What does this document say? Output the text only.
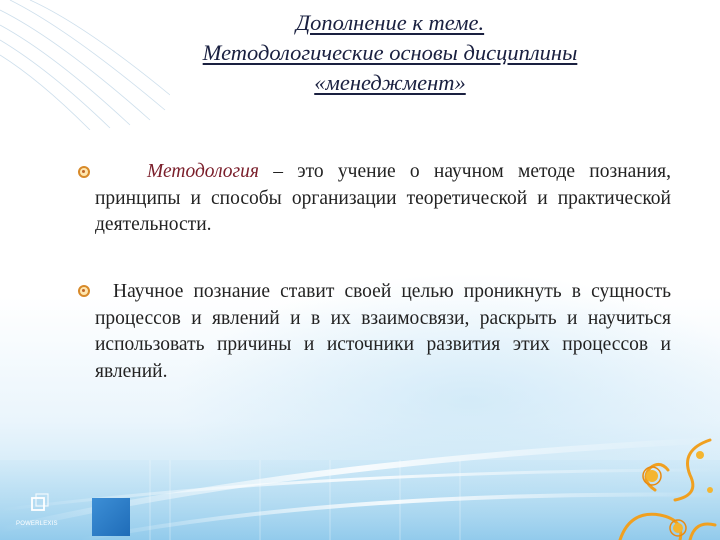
Дополнение к теме.
Методологические основы дисциплины
«менеджмент»
Методология – это учение о научном методе познания, принципы и способы организации теоретической и практической деятельности.
Научное познание ставит своей целью проникнуть в сущность процессов и явлений и в их взаимосвязи, раскрыть и научиться использовать причины и источники развития этих процессов и явлений.
POWERLEXIS
